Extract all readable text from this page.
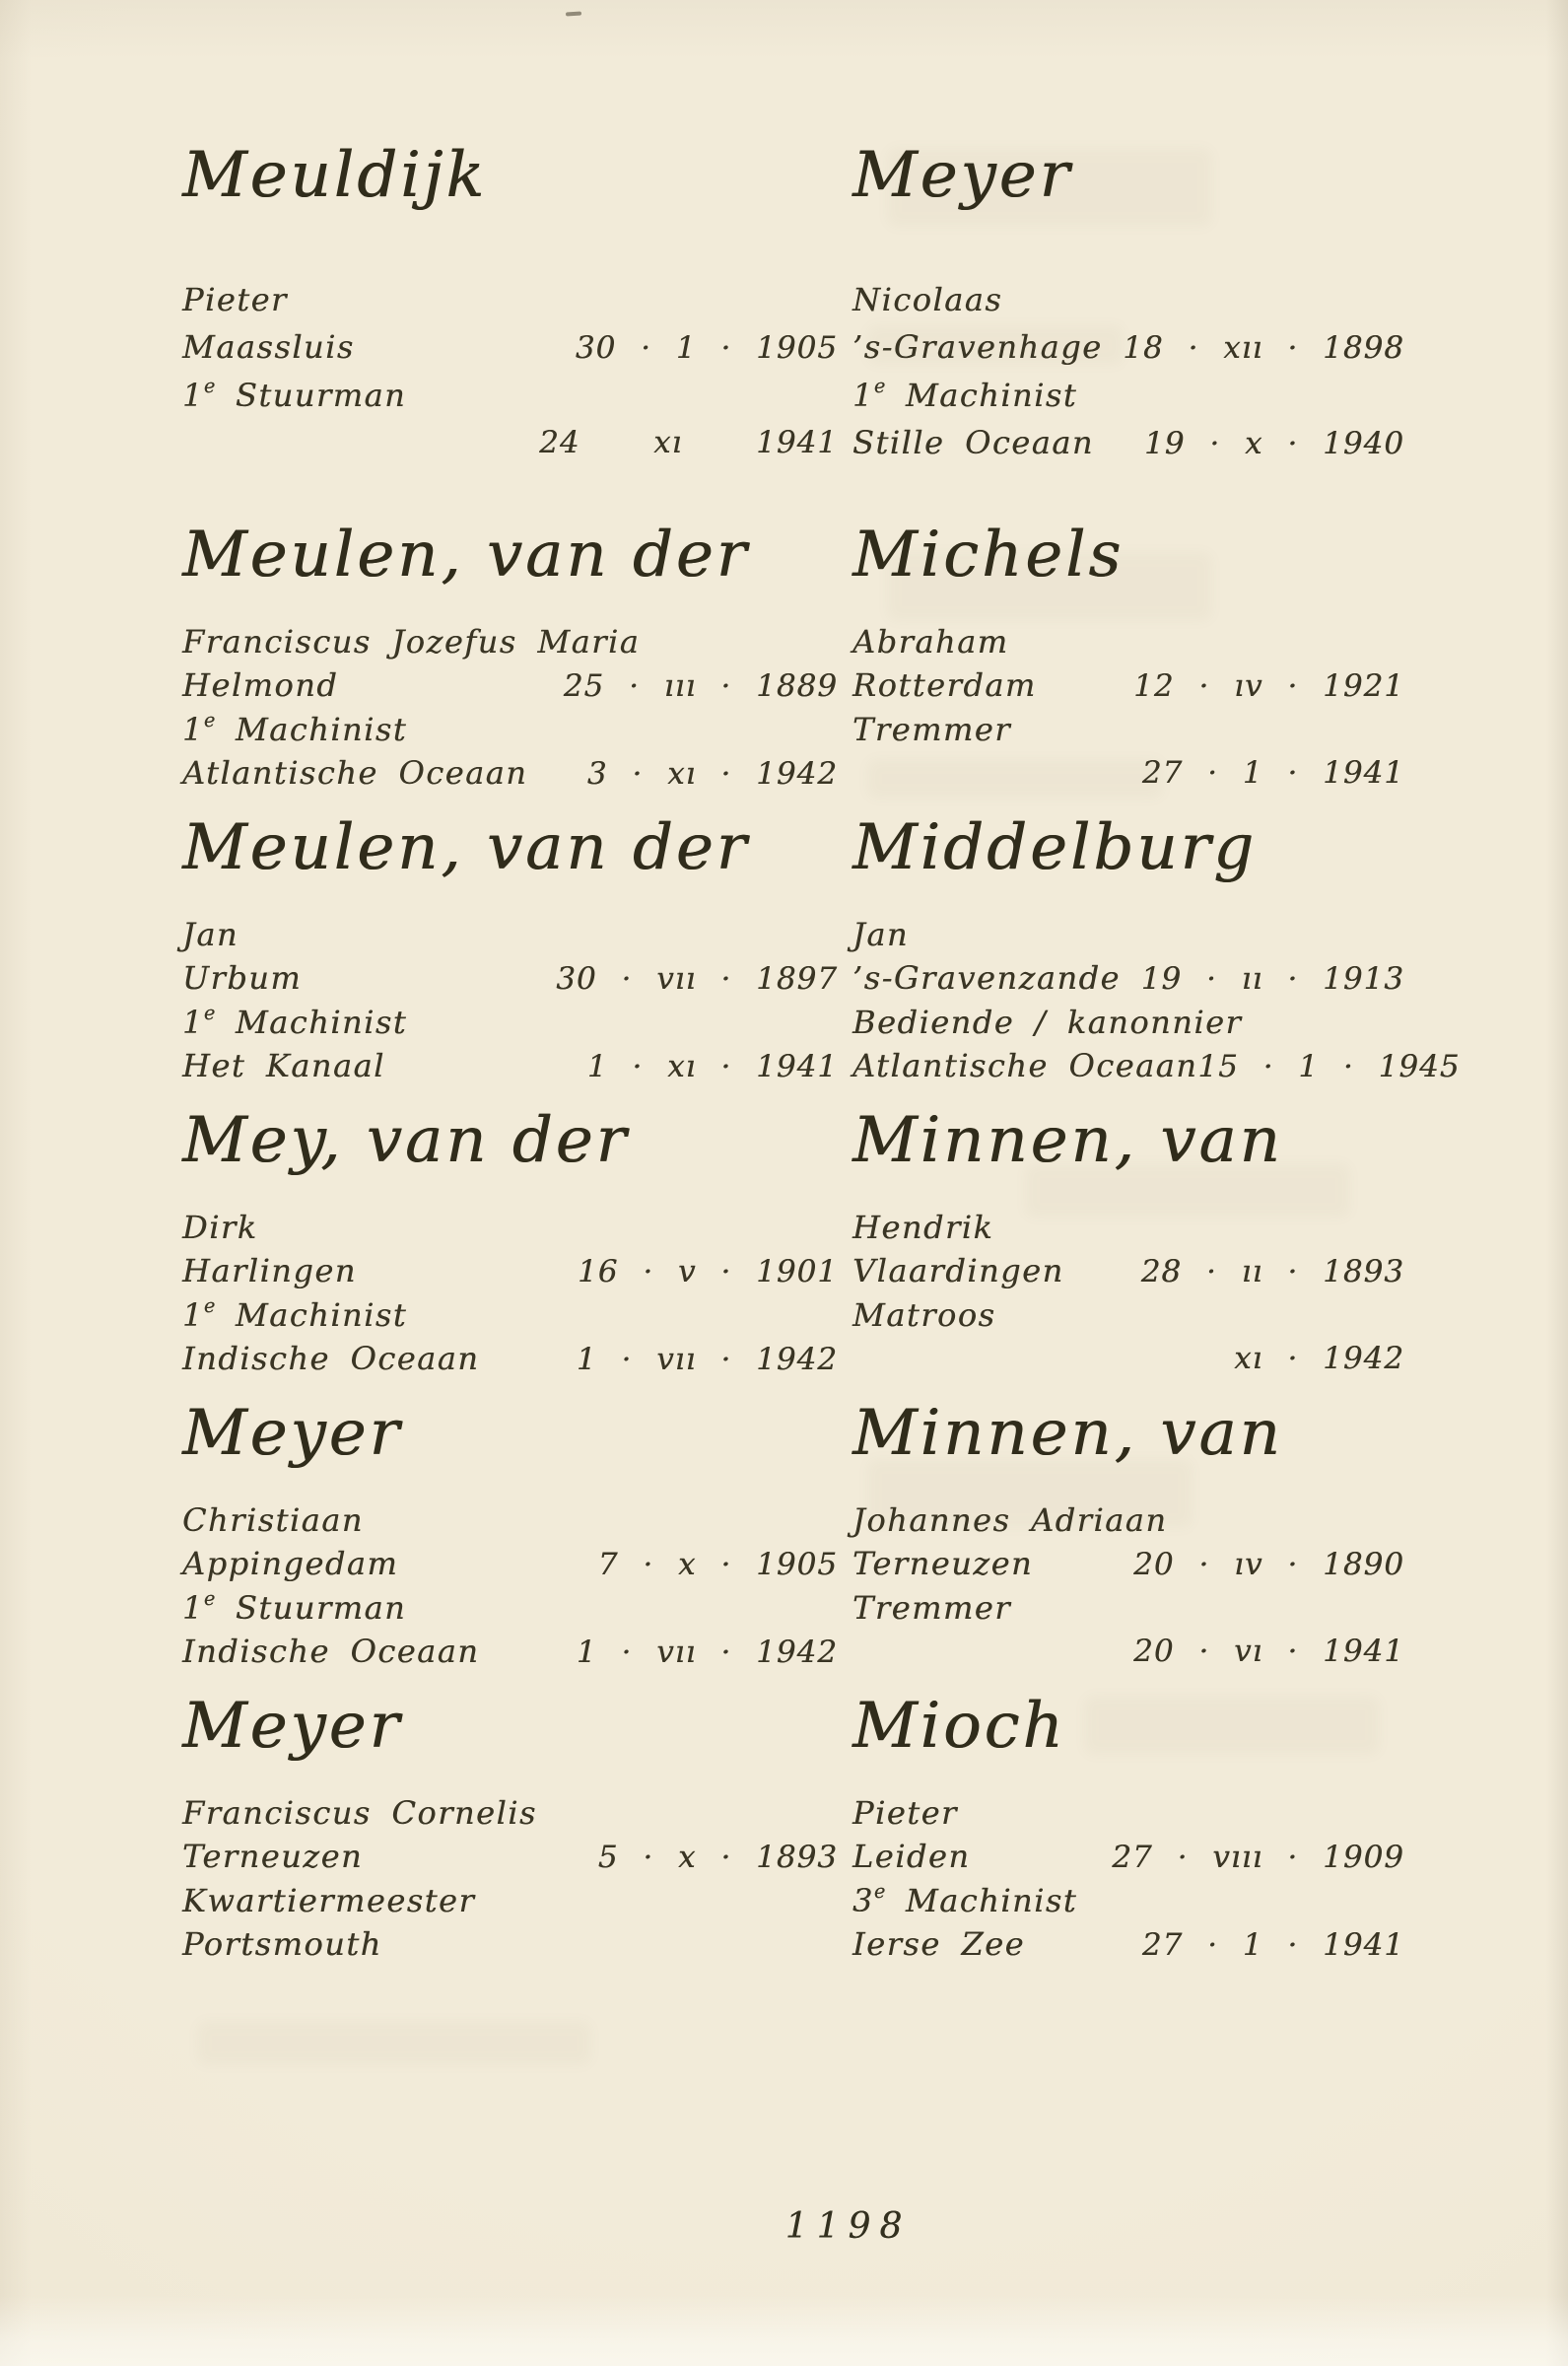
Meuldijk
Pieter
Maassluis	30 · 1 · 1905
1e Stuurman
24   xı   1941
Meulen, van der
Franciscus Jozefus Maria
Helmond	25 · ııı · 1889
1e Machinist
Atlantische Oceaan 3 · xı · 1942
Meulen, van der
Jan
Urbum	30 · vıı · 1897
1e Machinist
Het Kanaal	1 · xı · 1941
Mey, van der
Dirk
Harlingen	16 · v · 1901
1e Machinist
Indische Oceaan	1 · vıı · 1942
Meyer
Christiaan
Appingedam	7 · x · 1905
1e Stuurman
Indische Oceaan	1 · vıı · 1942
Meyer
Franciscus Cornelis
Terneuzen	5 · x · 1893
Kwartiermeester
Portsmouth
Meyer
Nicolaas
’s-Gravenhage 18 · xıı · 1898
1e Machinist
Stille Oceaan 19 · x · 1940
Michels
Abraham
Rotterdam	12 · ıv · 1921
Tremmer
27 · 1 · 1941
Middelburg
Jan
’s-Gravenzande 19 · ıı · 1913
Bediende / kanonnier
Atlantische Oceaan 15 · 1 · 1945
Minnen, van
Hendrik
Vlaardingen	28 · ıı · 1893
Matroos
xı · 1942
Minnen, van
Johannes Adriaan
Terneuzen	20 · ıv · 1890
Tremmer
20 · vı · 1941
Mioch
Pieter
Leiden	27 · vııı · 1909
3e Machinist
Ierse Zee	27 · 1 · 1941
1198
